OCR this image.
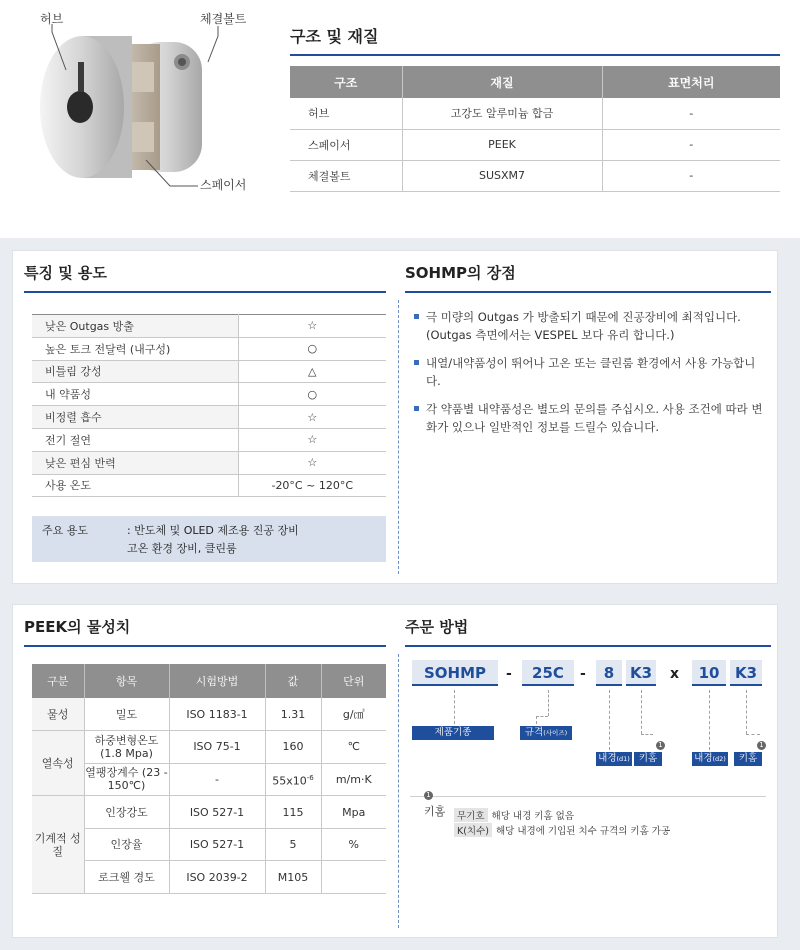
허브	체결볼트
스페이서
구조 및 재질
구조	재질	표면처리
허브	고강도 알루미늄 합금	-
스페이서	PEEK	-
체결볼트	SUSXM7	-
특징 및 용도
낮은 Outgas 방출	☆
높은 토크 전달력 (내구성)	○
비틀림 강성	△
내 약품성	○
비정렬 흡수	☆
전기 절연	☆
낮은 편심 반력	☆
사용 온도	-20°C ~ 120°C
주요 용도	: 반도체 및 OLED 제조용 진공 장비
고온 환경 장비, 클린룸
SOHMP의 장점
극 미량의 Outgas 가 방출되기 때문에 진공장비에 최적입니다. (Outgas 측면에서는 VESPEL 보다 유리 합니다.)
내열/내약품성이 뛰어나 고온 또는 클린룸 환경에서 사용 가능합니다.
각 약품별 내약품성은 별도의 문의를 주십시오. 사용 조건에 따라 변화가 있으나 일반적인 정보를 드릴수 있습니다.
PEEK의 물성치
구분	항목	시험방법	값	단위
물성	밀도	ISO 1183-1	1.31	g/㎤
열속성	하중변형온도 (1.8 Mpa)	ISO 75-1	160	℃
	열팽장계수 (23 - 150℃)	-	$55x10^{-6}$	m/m·K
기계적 성질	인장강도	ISO 527-1	115	Mpa
	인장율	ISO 527-1	5	%
	로크웰 경도	ISO 2039-2	M105	
주문 방법
SOHMP	-	25C	-	8	K3 x	10	K3
제품기종	규격(사이즈)
내경(d1) 키홈
1
내경(d2)	키홈
1
1
키홈	무기호 해당 내경 키홈 없음
K(치수) 해당 내경에 기입된 치수 규격의 키홈 가공
